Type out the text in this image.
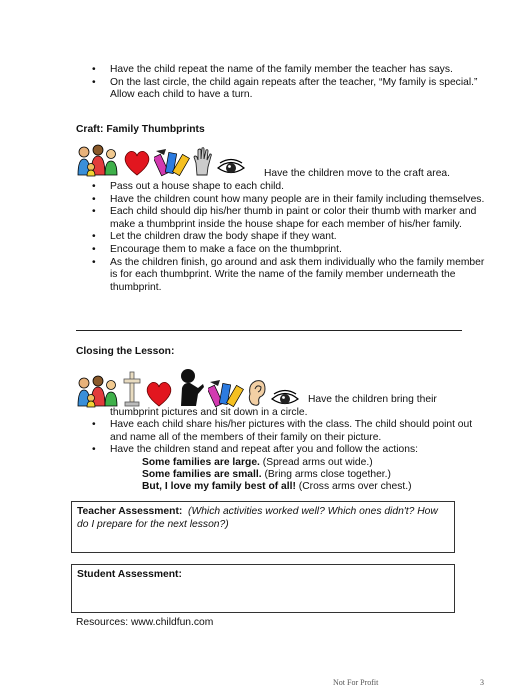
• Have the child repeat the name of the family member the teacher has says.
• On the last circle, the child again repeats after the teacher, “My family is special.” Allow each child to have a turn.
Craft: Family Thumbprints
Have the children move to the craft area.
• Pass out a house shape to each child.
• Have the children count how many people are in their family including themselves.
• Each child should dip his/her thumb in paint or color their thumb with marker and make a thumbprint inside the house shape for each member of his/her family.
• Let the children draw the body shape if they want.
• Encourage them to make a face on the thumbprint.
• As the children finish, go around and ask them individually who the family member is for each thumbprint. Write the name of the family member underneath the thumbprint.
Closing the Lesson:
Have the children bring their
thumbprint pictures and sit down in a circle.
• Have each child share his/her pictures with the class. The child should point out and name all of the members of their family on their picture.
• Have the children stand and repeat after you and follow the actions:
Some families are large. (Spread arms out wide.)
Some families are small. (Bring arms close together.)
But, I love my family best of all! (Cross arms over chest.)
Teacher Assessment: (Which activities worked well? Which ones didn't? How do I prepare for the next lesson?)
Student Assessment:
Resources: www.childfun.com
Not For Profit	3
